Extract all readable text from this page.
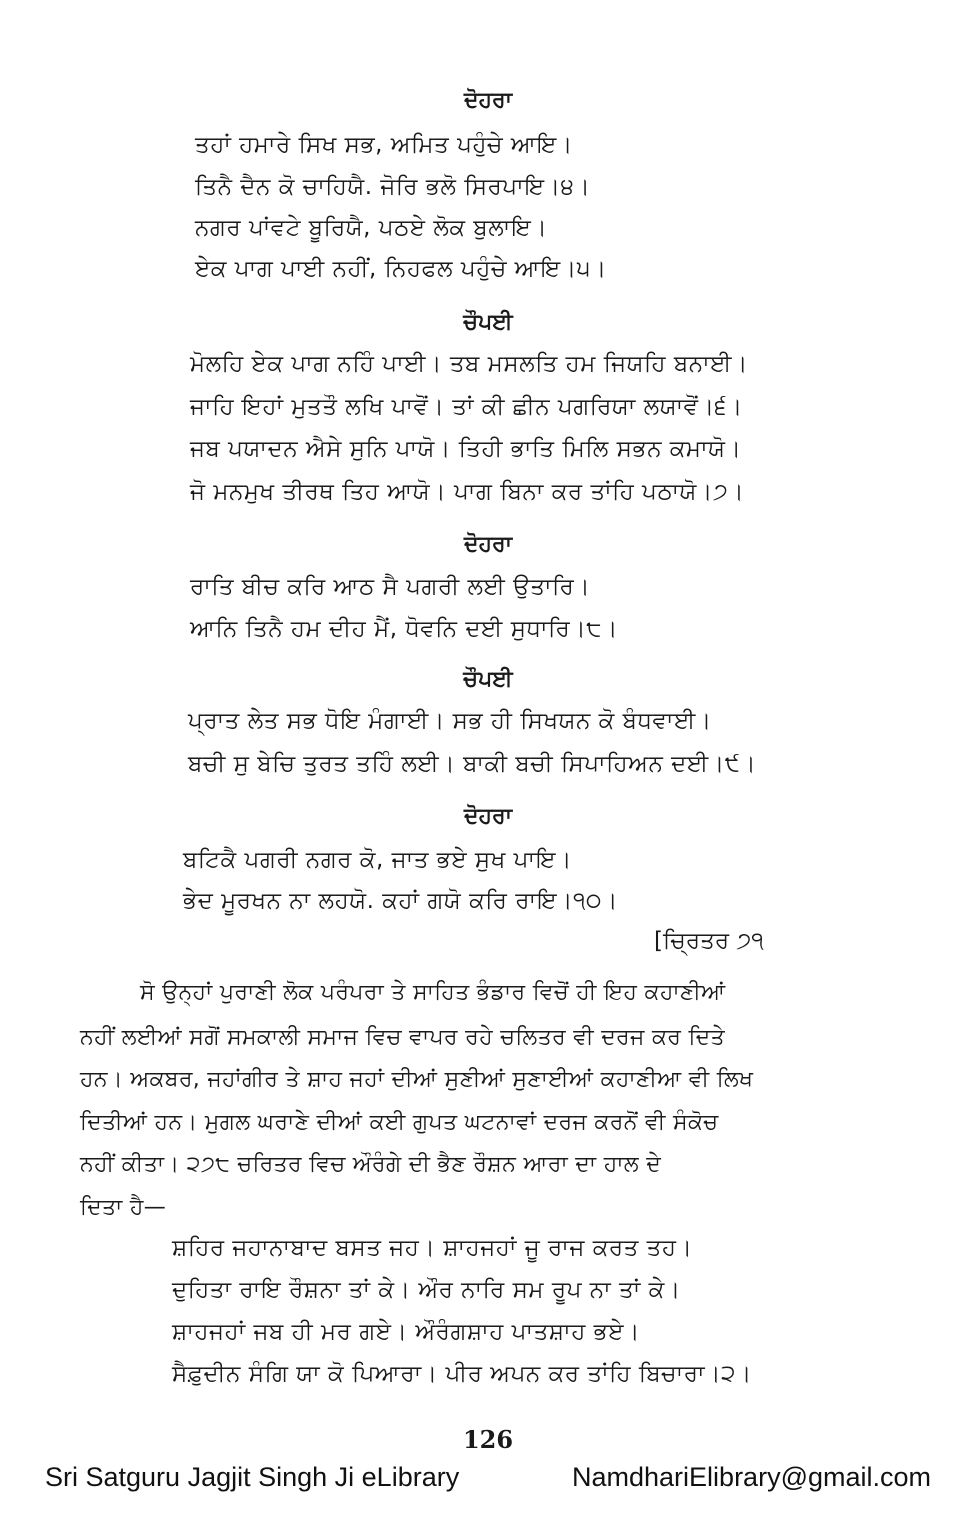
ਦੋਹਰਾ
ਤਹਾਂ ਹਮਾਰੇ ਸਿਖ ਸਭ, ਅਮਿਤ ਪਹੁੰਚੇ ਆਇ।
ਤਿਨੈ ਦੈਨ ਕੋ ਚਾਹਿਯੈ. ਜੋਰਿ ਭਲੋ ਸਿਰਪਾਇ।੪।
ਨਗਰ ਪਾਂਵਟੇ ਬੂਰਿਯੈ, ਪਠਏ ਲੋਕ ਬੁਲਾਇ।
ਏਕ ਪਾਗ ਪਾਈ ਨਹੀਂ, ਨਿਹਫਲ ਪਹੁੰਚੇ ਆਇ।੫।
ਚੌਪਈ
ਮੋਲਹਿ ਏਕ ਪਾਗ ਨਹਿੰ ਪਾਈ। ਤਬ ਮਸਲਤਿ ਹਮ ਜਿਯਹਿ ਬਨਾਈ।
ਜਾਹਿ ਇਹਾਂ ਮੁਤਤੌ ਲਖਿ ਪਾਵੋਂ। ਤਾਂ ਕੀ ਛੀਨ ਪਗਰਿਯਾ ਲਯਾਵੋਂ।੬।
ਜਬ ਪਯਾਦਨ ਐਸੇ ਸੁਨਿ ਪਾਯੋ। ਤਿਹੀ ਭਾਤਿ ਮਿਲਿ ਸਭਨ ਕਮਾਯੋ।
ਜੋ ਮਨਮੁਖ ਤੀਰਥ ਤਿਹ ਆਯੋ। ਪਾਗ ਬਿਨਾ ਕਰ ਤਾਂਹਿ ਪਠਾਯੋ।੭।
ਦੋਹਰਾ
ਰਾਤਿ ਬੀਚ ਕਰਿ ਆਠ ਸੈ ਪਗਰੀ ਲਈ ਉਤਾਰਿ।
ਆਨਿ ਤਿਨੈ ਹਮ ਦੀਹ ਮੈਂ, ਧੋਵਨਿ ਦਈ ਸੁਧਾਰਿ।੮।
ਚੌਪਈ
ਪ੍ਰਾਤ ਲੇਤ ਸਭ ਧੋਇ ਮੰਗਾਈ। ਸਭ ਹੀ ਸਿਖਯਨ ਕੋ ਬੰਧਵਾਈ।
ਬਚੀ ਸੁ ਬੇਚਿ ਤੁਰਤ ਤਹਿੰ ਲਈ। ਬਾਕੀ ਬਚੀ ਸਿਪਾਹਿਅਨ ਦਈ।੯।
ਦੋਹਰਾ
ਬਟਿਕੈ ਪਗਰੀ ਨਗਰ ਕੋ, ਜਾਤ ਭਏ ਸੁਖ ਪਾਇ।
ਭੇਦ ਮੂਰਖਨ ਨਾ ਲਹਯੋ. ਕਹਾਂ ਗਯੋ ਕਰਿ ਰਾਇ।੧੦।
[ਚ੍ਰਿਤਰ ੭੧
ਸੋ ਉਨ੍ਹਾਂ ਪੁਰਾਣੀ ਲੋਕ ਪਰੰਪਰਾ ਤੇ ਸਾਹਿਤ ਭੰਡਾਰ ਵਿਚੋਂ ਹੀ ਇਹ ਕਹਾਣੀਆਂ
ਨਹੀਂ ਲਈਆਂ ਸਗੋਂ ਸਮਕਾਲੀ ਸਮਾਜ ਵਿਚ ਵਾਪਰ ਰਹੇ ਚਲਿਤਰ ਵੀ ਦਰਜ ਕਰ ਦਿਤੇ
ਹਨ। ਅਕਬਰ, ਜਹਾਂਗੀਰ ਤੇ ਸ਼ਾਹ ਜਹਾਂ ਦੀਆਂ ਸੁਣੀਆਂ ਸੁਣਾਈਆਂ ਕਹਾਣੀਆ ਵੀ ਲਿਖ
ਦਿਤੀਆਂ ਹਨ। ਮੁਗਲ ਘਰਾਣੇ ਦੀਆਂ ਕਈ ਗੁਪਤ ਘਟਨਾਵਾਂ ਦਰਜ ਕਰਨੋਂ ਵੀ ਸੰਕੋਚ
ਨਹੀਂ ਕੀਤਾ। ੨੭੮ ਚਰਿਤਰ ਵਿਚ ਔਰੰਗੇ ਦੀ ਭੈਣ ਰੌਸ਼ਨ ਆਰਾ ਦਾ ਹਾਲ ਦੇ
ਦਿਤਾ ਹੈ—
ਸ਼ਹਿਰ ਜਹਾਨਾਬਾਦ ਬਸਤ ਜਹ। ਸ਼ਾਹਜਹਾਂ ਜੂ ਰਾਜ ਕਰਤ ਤਹ।
ਦੁਹਿਤਾ ਰਾਇ ਰੌਸ਼ਨਾ ਤਾਂ ਕੇ। ਔਰ ਨਾਰਿ ਸਮ ਰੂਪ ਨਾ ਤਾਂ ਕੇ।
ਸ਼ਾਹਜਹਾਂ ਜਬ ਹੀ ਮਰ ਗਏ। ਔਰੰਗਸ਼ਾਹ ਪਾਤਸ਼ਾਹ ਭਏ।
ਸੈਫ਼ੁਦੀਨ ਸੰਗਿ ਯਾ ਕੋ ਪਿਆਰਾ। ਪੀਰ ਅਪਨ ਕਰ ਤਾਂਹਿ ਬਿਚਾਰਾ।੨।
126
Sri Satguru Jagjit Singh Ji eLibrary	NamdhariElibrary@gmail.com
